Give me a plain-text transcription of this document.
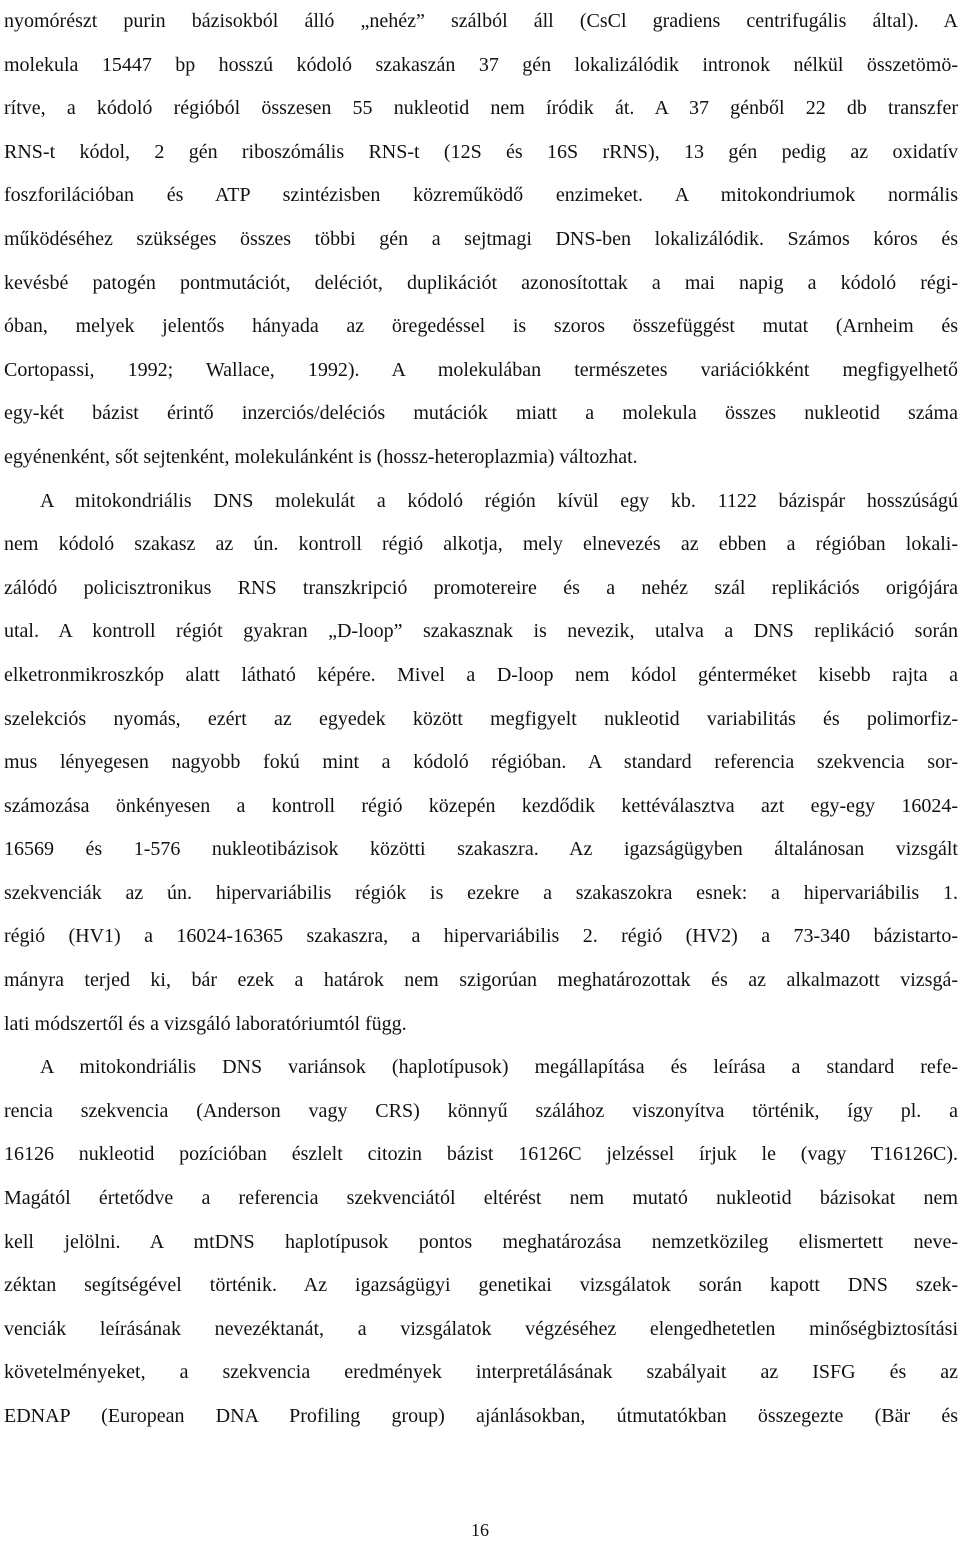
nyomórészt purin bázisokból álló „nehéz” szálból áll (CsCl gradiens centrifugális által). A
molekula 15447 bp hosszú kódoló szakaszán 37 gén lokalizálódik intronok nélkül összetömö-
rítve, a kódoló régióból összesen 55 nukleotid nem íródik át. A 37 génből 22 db transzfer
RNS-t kódol, 2 gén riboszómális RNS-t (12S és 16S rRNS), 13 gén pedig az oxidatív
foszforilációban és ATP szintézisben közreműködő enzimeket. A mitokondriumok normális
működéséhez szükséges összes többi gén a sejtmagi DNS-ben lokalizálódik. Számos kóros és
kevésbé patogén pontmutációt, deléciót, duplikációt azonosítottak a mai napig a kódoló régi-
óban, melyek jelentős hányada az öregedéssel is szoros összefüggést mutat (Arnheim és
Cortopassi, 1992; Wallace, 1992). A molekulában természetes variációkként megfigyelhető
egy-két bázist érintő inzerciós/deléciós mutációk miatt a molekula összes nukleotid száma
egyénenként, sőt sejtenként, molekulánként is (hossz-heteroplazmia) változhat.
A mitokondriális DNS molekulát a kódoló régión kívül egy kb. 1122 bázispár hosszúságú
nem kódoló szakasz az ún. kontroll régió alkotja, mely elnevezés az ebben a régióban lokali-
zálódó policisztronikus RNS transzkripció promotereire és a nehéz szál replikációs origójára
utal. A kontroll régiót gyakran „D-loop” szakasznak is nevezik, utalva a DNS replikáció során
elketronmikroszkóp alatt látható képére. Mivel a D-loop nem kódol génterméket kisebb rajta a
szelekciós nyomás, ezért az egyedek között megfigyelt nukleotid variabilitás és polimorfiz-
mus lényegesen nagyobb fokú mint a kódoló régióban. A standard referencia szekvencia sor-
számozása önkényesen a kontroll régió közepén kezdődik kettéválasztva azt egy-egy 16024-
16569 és 1-576 nukleotibázisok közötti szakaszra. Az igazságügyben általánosan vizsgált
szekvenciák az ún. hipervariábilis régiók is ezekre a szakaszokra esnek: a hipervariábilis 1.
régió (HV1) a 16024-16365 szakaszra, a hipervariábilis 2. régió (HV2) a 73-340 bázistarto-
mányra terjed ki, bár ezek a határok nem szigorúan meghatározottak és az alkalmazott vizsgá-
lati módszertől és a vizsgáló laboratóriumtól függ.
A mitokondriális DNS variánsok (haplotípusok) megállapítása és leírása a standard refe-
rencia szekvencia (Anderson vagy CRS) könnyű szálához viszonyítva történik, így pl. a
16126 nukleotid pozícióban észlelt citozin bázist 16126C jelzéssel írjuk le (vagy T16126C).
Magától értetődve a referencia szekvenciától eltérést nem mutató nukleotid bázisokat nem
kell jelölni. A mtDNS haplotípusok pontos meghatározása nemzetközileg elismertett neve-
zéktan segítségével történik. Az igazságügyi genetikai vizsgálatok során kapott DNS szek-
venciák leírásának nevezéktanát, a vizsgálatok végzéséhez elengedhetetlen minőségbiztosítási
követelményeket, a szekvencia eredmények interpretálásának szabályait az ISFG és az
EDNAP (European DNA Profiling group) ajánlásokban, útmutatókban összegezte (Bär és
16
